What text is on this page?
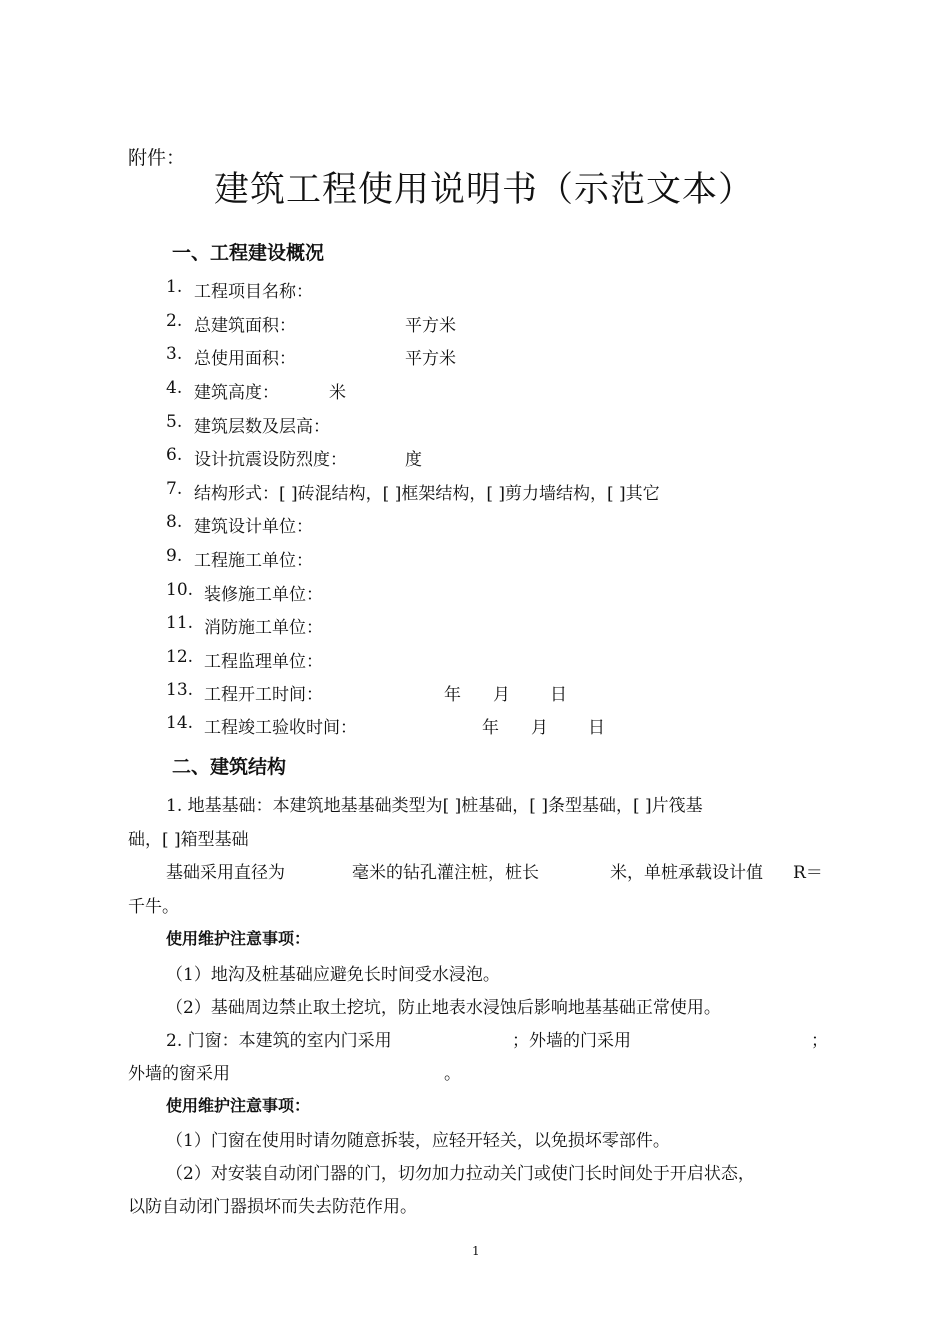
附件：
建筑工程使用说明书（示范文本）
一、工程建设概况
1. 工程项目名称：
2. 总建筑面积：	平方米
3. 总使用面积：	平方米
4. 建筑高度：	米
5. 建筑层数及层高：
6. 设计抗震设防烈度：	度
7. 结构形式：[ ]砖混结构，[ ]框架结构，[ ]剪力墙结构，[ ]其它
8. 建筑设计单位：
9. 工程施工单位：
10. 装修施工单位：
11. 消防施工单位：
12. 工程监理单位：
13. 工程开工时间：	年 月 日
14. 工程竣工验收时间：	年 月 日
二、建筑结构
1. 地基基础：本建筑地基基础类型为[ ]桩基础，[ ]条型基础，[ ]片筏基
础，[ ]箱型基础
基础采用直径为	毫米的钻孔灌注桩，桩长	米，单桩承载设计值 R＝
千牛。
使用维护注意事项：
（1）地沟及桩基础应避免长时间受水浸泡。
（2）基础周边禁止取土挖坑，防止地表水浸蚀后影响地基基础正常使用。
2. 门窗：本建筑的室内门采用	；外墙的门采用	；
外墙的窗采用	。
使用维护注意事项：
（1）门窗在使用时请勿随意拆装，应轻开轻关，以免损坏零部件。
（2）对安装自动闭门器的门，切勿加力拉动关门或使门长时间处于开启状态，
以防自动闭门器损坏而失去防范作用。
1
